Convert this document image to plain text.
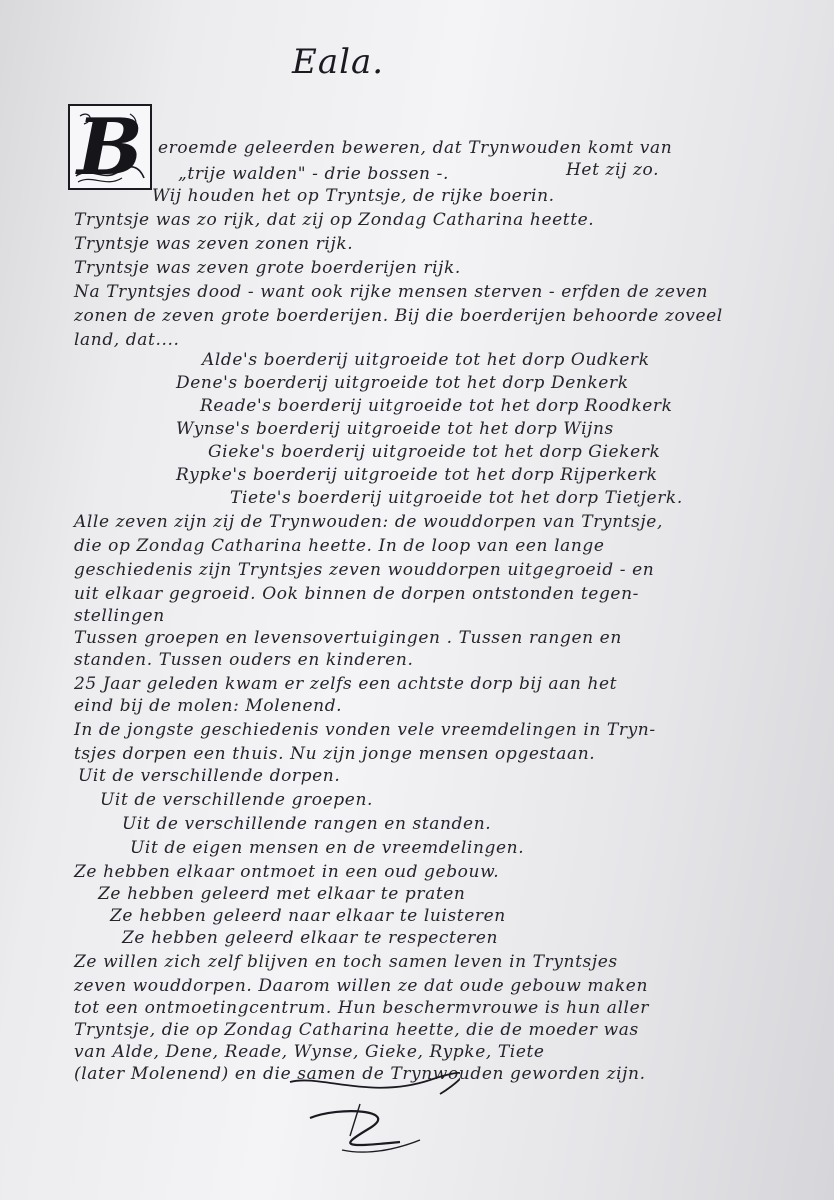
Eala.
B eroemde geleerden beweren, dat Trynwouden komt van
„trije walden" - drie bossen -.	Het zij zo.
Wij houden het op Tryntsje, de rijke boerin.
Tryntsje was zo rijk, dat zij op Zondag Catharina heette.
Tryntsje was zeven zonen rijk.
Tryntsje was zeven grote boerderijen rijk.
Na Tryntsjes dood - want ook rijke mensen sterven - erfden de zeven
zonen de zeven grote boerderijen. Bij die boerderijen behoorde zoveel
land, dat....
Alde's boerderij uitgroeide tot het dorp Oudkerk
Dene's boerderij uitgroeide tot het dorp Denkerk
Reade's boerderij uitgroeide tot het dorp Roodkerk
Wynse's boerderij uitgroeide tot het dorp Wijns
Gieke's boerderij uitgroeide tot het dorp Giekerk
Rypke's boerderij uitgroeide tot het dorp Rijperkerk
Tiete's boerderij uitgroeide tot het dorp Tietjerk.
Alle zeven zijn zij de Trynwouden: de wouddorpen van Tryntsje,
die op Zondag Catharina heette. In de loop van een lange
geschiedenis zijn Tryntsjes zeven wouddorpen uitgegroeid - en
uit elkaar gegroeid. Ook binnen de dorpen ontstonden tegen-
stellingen
Tussen groepen en levensovertuigingen . Tussen rangen en
standen. Tussen ouders en kinderen.
25 Jaar geleden kwam er zelfs een achtste dorp bij aan het
eind bij de molen: Molenend.
In de jongste geschiedenis vonden vele vreemdelingen in Tryn-
tsjes dorpen een thuis. Nu zijn jonge mensen opgestaan.
Uit de verschillende dorpen.
Uit de verschillende groepen.
Uit de verschillende rangen en standen.
Uit de eigen mensen en de vreemdelingen.
Ze hebben elkaar ontmoet in een oud gebouw.
Ze hebben geleerd met elkaar te praten
Ze hebben geleerd naar elkaar te luisteren
Ze hebben geleerd elkaar te respecteren
Ze willen zich zelf blijven en toch samen leven in Tryntsjes
zeven wouddorpen. Daarom willen ze dat oude gebouw maken
tot een ontmoetingcentrum. Hun beschermvrouwe is hun aller
Tryntsje, die op Zondag Catharina heette, die de moeder was
van Alde, Dene, Reade, Wynse, Gieke, Rypke, Tiete
(later Molenend) en die samen de Trynwouden geworden zijn.
